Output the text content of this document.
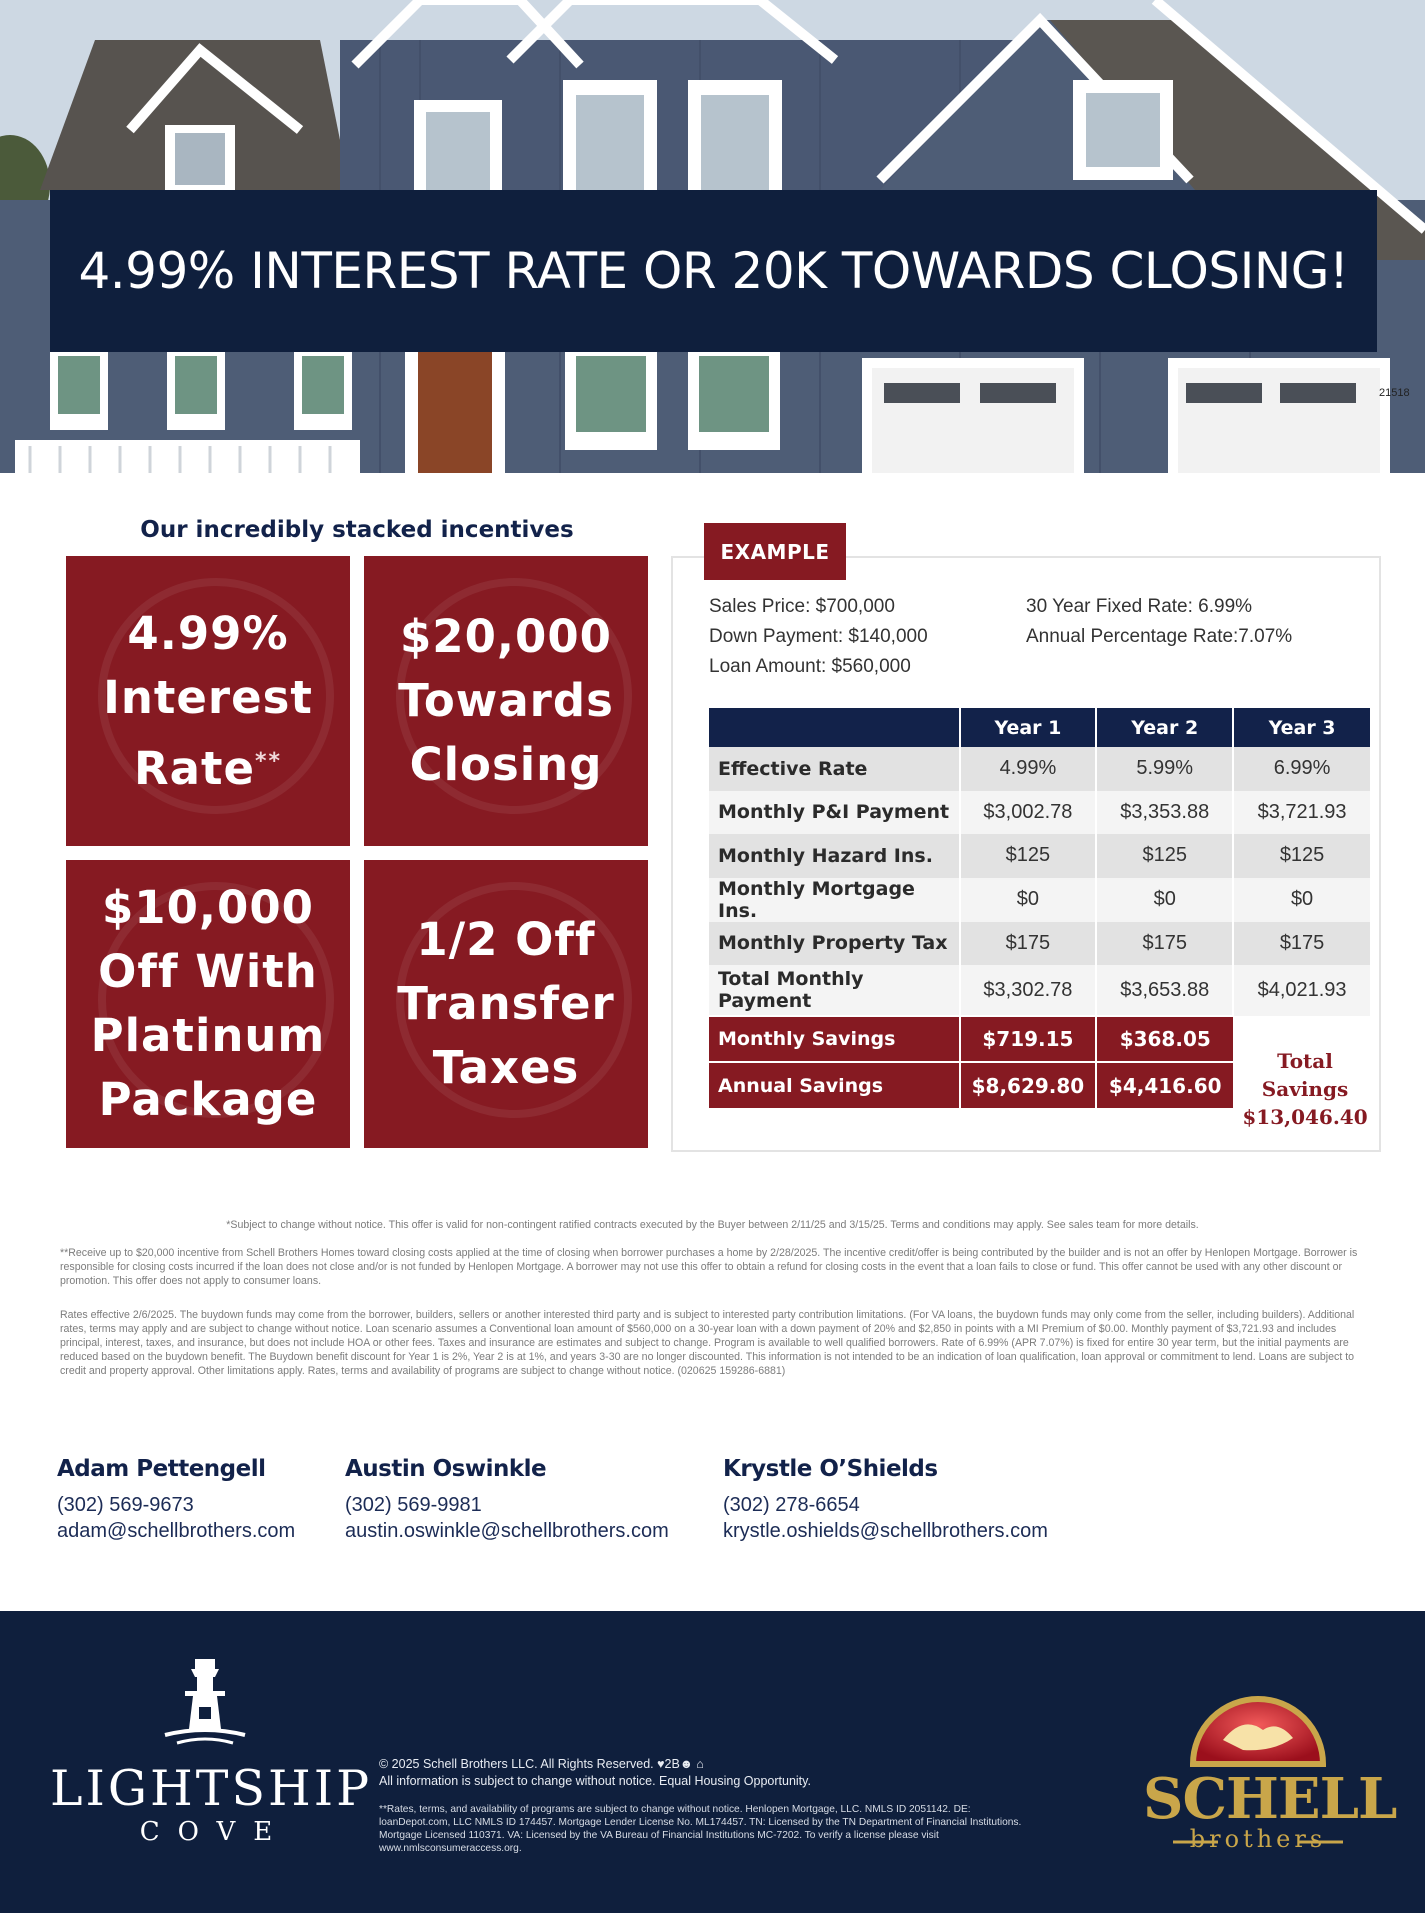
21518
4.99% INTEREST RATE OR 20K TOWARDS CLOSING!
Our incredibly stacked incentives
4.99%
Interest
Rate**
$20,000
Towards
Closing
$10,000
Off With
Platinum
Package
1/2 Off
Transfer
Taxes
EXAMPLE
Sales Price: $700,000
Down Payment: $140,000
Loan Amount: $560,000
30 Year Fixed Rate: 6.99%
Annual Percentage Rate:7.07%
	Year 1	Year 2	Year 3
Effective Rate	4.99%	5.99%	6.99%
Monthly P&I Payment	$3,002.78	$3,353.88	$3,721.93
Monthly Hazard Ins.	$125	$125	$125
Monthly Mortgage Ins.	$0	$0	$0
Monthly Property Tax	$175	$175	$175
Total Monthly Payment	$3,302.78	$3,653.88	$4,021.93
Monthly Savings	$719.15	$368.05	
Annual Savings	$8,629.80	$4,416.60	
Total Savings
$13,046.40
*Subject to change without notice. This offer is valid for non-contingent ratified contracts executed by the Buyer between 2/11/25 and 3/15/25. Terms and conditions may apply. See sales team for more details.
**Receive up to $20,000 incentive from Schell Brothers Homes toward closing costs applied at the time of closing when borrower purchases a home by 2/28/2025. The incentive credit/offer is being contributed by the builder and is not an offer by Henlopen Mortgage. Borrower is responsible for closing costs incurred if the loan does not close and/or is not funded by Henlopen Mortgage. A borrower may not use this offer to obtain a refund for closing costs in the event that a loan fails to close or fund. This offer cannot be used with any other discount or promotion. This offer does not apply to consumer loans.
Rates effective 2/6/2025. The buydown funds may come from the borrower, builders, sellers or another interested third party and is subject to interested party contribution limitations. (For VA loans, the buydown funds may only come from the seller, including builders). Additional rates, terms may apply and are subject to change without notice. Loan scenario assumes a Conventional loan amount of $560,000 on a 30-year loan with a down payment of 20% and $2,850 in points with a MI Premium of $0.00. Monthly payment of $3,721.93 and includes principal, interest, taxes, and insurance, but does not include HOA or other fees. Taxes and insurance are estimates and subject to change. Program is available to well qualified borrowers. Rate of 6.99% (APR 7.07%) is fixed for entire 30 year term, but the initial payments are reduced based on the buydown benefit. The Buydown benefit discount for Year 1 is 2%, Year 2 is at 1%, and years 3-30 are no longer discounted. This information is not intended to be an indication of loan qualification, loan approval or commitment to lend. Loans are subject to credit and property approval. Other limitations apply. Rates, terms and availability of programs are subject to change without notice. (020625 159286-6881)
Adam Pettengell
(302) 569-9673
adam@schellbrothers.com
Austin Oswinkle
(302) 569-9981
austin.oswinkle@schellbrothers.com
Krystle O’Shields
(302) 278-6654
krystle.oshields@schellbrothers.com
LIGHTSHIP
COVE
© 2025 Schell Brothers LLC. All Rights Reserved. ♥2B☻ ⌂
All information is subject to change without notice. Equal Housing Opportunity.
**Rates, terms, and availability of programs are subject to change without notice. Henlopen Mortgage, LLC. NMLS ID 2051142. DE: loanDepot.com, LLC NMLS ID 174457. Mortgage Lender License No. ML174457. TN: Licensed by the TN Department of Financial Institutions. Mortgage Licensed 110371. VA: Licensed by the VA Bureau of Financial Institutions MC-7202. To verify a license please visit www.nmlsconsumeraccess.org.
SCHELL
brothers
